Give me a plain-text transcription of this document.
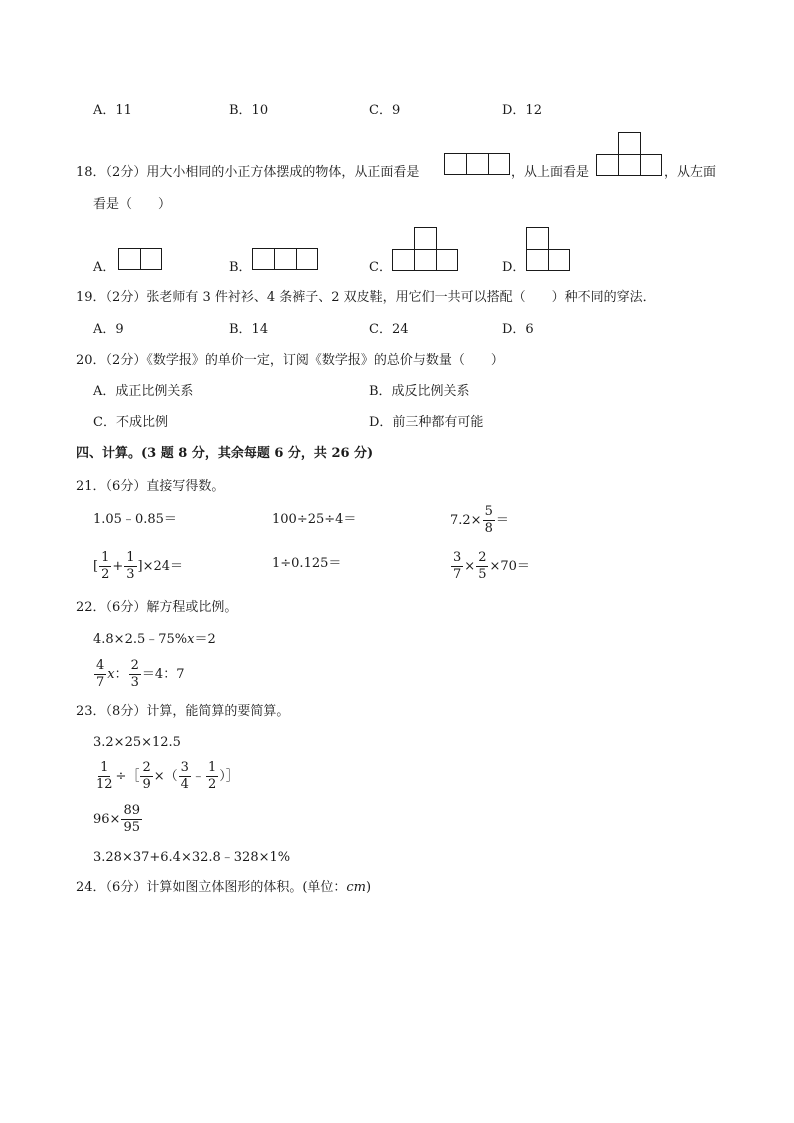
A．11	B．10	C．9	D．12
18．（2分）用大小相同的小正方体摆成的物体，从正面看是	，从上面看是	，从左面
看是（　　）
A．	B．	C．	D．
19．（2分）张老师有 3 件衬衫、4 条裤子、2 双皮鞋，用它们一共可以搭配（　　）种不同的穿法．
A．9	B．14	C．24	D．6
20．（2分）《数学报》的单价一定，订阅《数学报》的总价与数量（　　）
A．成正比例关系	B．成反比例关系
C．不成比例	D．前三种都有可能
四、计算。(3 题 8 分，其余每题 6 分，共 26 分)
21．（6分）直接写得数。
1.05﹣0.85＝	100÷25÷4＝	$7.2\times \frac{5}{8}$ ＝
[ $\frac{1}{2} + \frac{1}{3} ]\times 24=$	1÷0.125＝	$\frac{3}{7} \times \frac{2}{5} \times 70=$
22．（6分）解方程或比例。
4.8×2.5﹣75% x ＝2
$\frac{4}{7}$ x ： $\frac{2}{3} =4$：7
23．（8分）计算，能简算的要简算。
3.2×25×12.5
$\frac{1}{12}$ ÷［ $\frac{2}{9}$ ×（ $\frac{3}{4}$ ﹣ $\frac{1}{2}$ ）］
$96\times \frac{89}{95}$
3.28×37+6.4×32.8﹣328×1%
24．（6分）计算如图立体图形的体积。(单位： cm )
